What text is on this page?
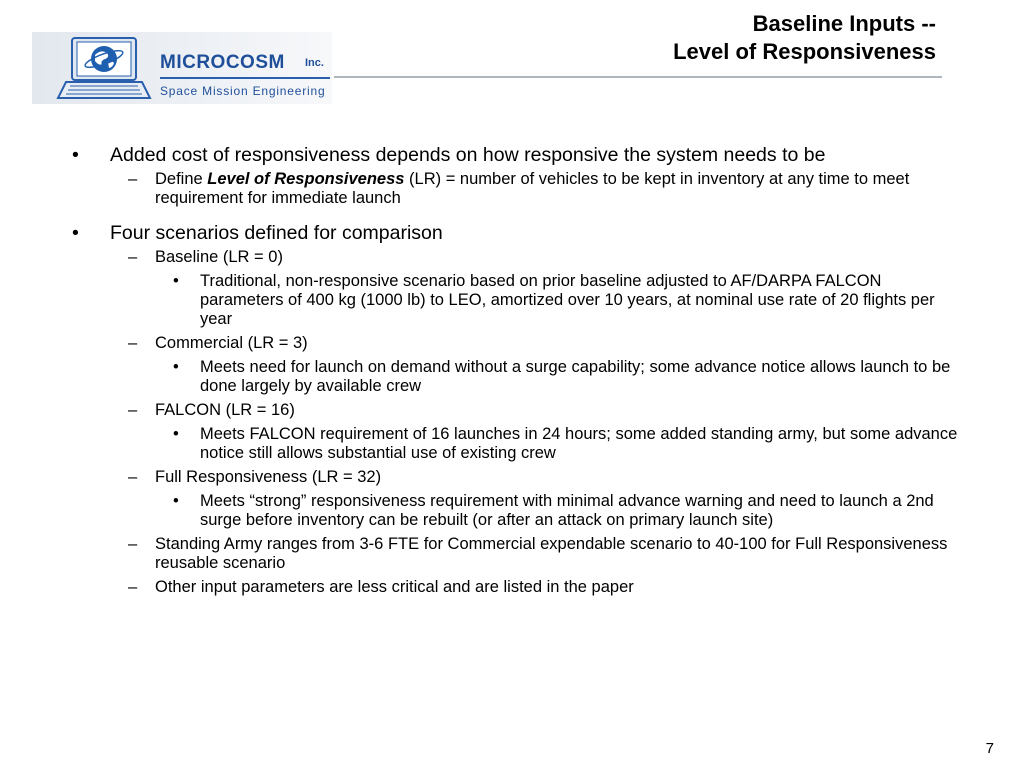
MICROCOSM Inc.
Space Mission Engineering
Baseline Inputs --
Level of Responsiveness
• Added cost of responsiveness depends on how responsive the system needs to be
– Define Level of Responsiveness (LR) = number of vehicles to be kept in inventory at any time to meet requirement for immediate launch
• Four scenarios defined for comparison
– Baseline (LR = 0)
• Traditional, non-responsive scenario based on prior baseline adjusted to AF/DARPA FALCON parameters of 400 kg (1000 lb) to LEO, amortized over 10 years, at nominal use rate of 20 flights per year
– Commercial (LR = 3)
• Meets need for launch on demand without a surge capability; some advance notice allows launch to be done largely by available crew
– FALCON (LR = 16)
• Meets FALCON requirement of 16 launches in 24 hours; some added standing army, but some advance notice still allows substantial use of existing crew
– Full Responsiveness (LR = 32)
• Meets “strong” responsiveness requirement with minimal advance warning and need to launch a 2nd surge before inventory can be rebuilt (or after an attack on primary launch site)
– Standing Army ranges from 3-6 FTE for Commercial expendable scenario to 40-100 for Full Responsiveness reusable scenario
– Other input parameters are less critical and are listed in the paper
7
